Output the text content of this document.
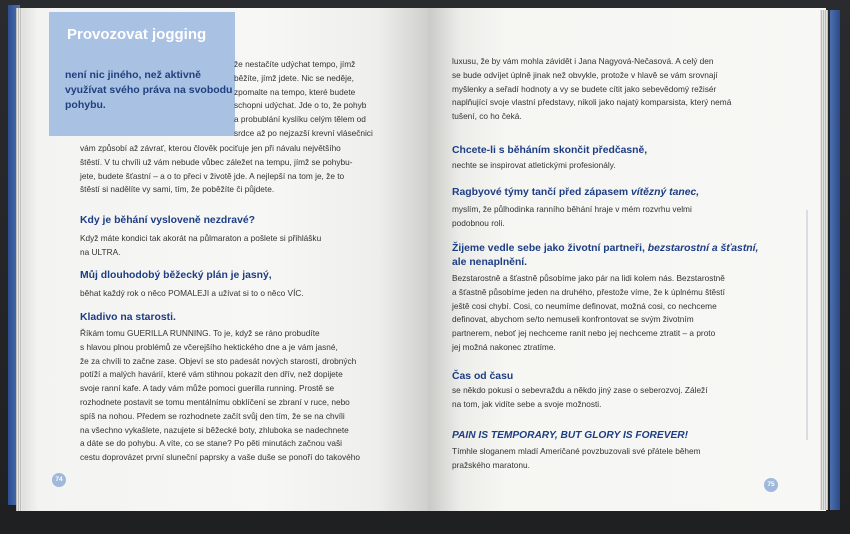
Provozovat jogging

není nic jiného, než aktivně využívat svého práva na svobodu pohybu.

že nestačíte udýchat tempo, jímž
běžíte, jímž jdete. Nic se neděje,
zpomalte na tempo, které budete
schopni udýchat. Jde o to, že pohyb
a probublání kyslíku celým tělem od
srdce až po nejzazší krevní vlásečnici

vám způsobí až závrať, kterou člověk pociťuje jen při návalu největšího
štěstí. V tu chvíli už vám nebude vůbec záležet na tempu, jímž se pohybu-
jete, budete šťastní – a o to přeci v životě jde. A nejlepší na tom je, že to
štěstí si nadělíte vy sami, tím, že poběžíte či půjdete.

Kdy je běhání vysloveně nezdravé?

Když máte kondici tak akorát na půlmaraton a pošlete si přihlášku
na ULTRA.

Můj dlouhodobý běžecký plán je jasný,

běhat každý rok o něco POMALEJI a užívat si to o něco VÍC.

Kladivo na starosti.

Říkám tomu GUERILLA RUNNING. To je, když se ráno probudíte
s hlavou plnou problémů ze včerejšího hektického dne a je vám jasné,
že za chvíli to začne zase. Objeví se sto padesát nových starostí, drobných
potíží a malých havárií, které vám stihnou pokazit den dřív, než dopijete
svoje ranní kafe. A tady vám může pomoci guerilla running. Prostě se
rozhodnete postavit se tomu mentálnímu obklíčení se zbraní v ruce, nebo
spíš na nohou. Předem se rozhodnete začít svůj den tím, že se na chvíli
na všechno vykašlete, nazujete si běžecké boty, zhluboka se nadechnete
a dáte se do pohybu. A víte, co se stane? Po pěti minutách začnou vaši
cestu doprovázet první sluneční paprsky a vaše duše se ponoří do takového

74

luxusu, že by vám mohla závidět i Jana Nagyová-Nečasová. A celý den
se bude odvíjet úplně jinak než obvykle, protože v hlavě se vám srovnají
myšlenky a seřadí hodnoty a vy se budete cítit jako sebevědomý režisér
naplňující svoje vlastní představy, nikoli jako najatý komparsista, který nemá
tušení, co ho čeká.

Chcete-li s běháním skončit předčasně,

nechte se inspirovat atletickými profesionály.

Ragbyové týmy tančí před zápasem vítězný tanec,

myslím, že půlhodinka ranního běhání hraje v mém rozvrhu velmi
podobnou roli.

Žijeme vedle sebe jako životní partneři, bezstarostní a šťastní, ale nenaplnění.

Bezstarostně a šťastně působíme jako pár na lidi kolem nás. Bezstarostně
a šťastně působíme jeden na druhého, přestože víme, že k úplnému štěstí
ještě cosi chybí. Cosi, co neumíme definovat, možná cosi, co nechceme
definovat, abychom se/to nemuseli konfrontovat se svým životním
partnerem, neboť jej nechceme ranit nebo jej nechceme ztratit – a proto
jej možná nakonec ztratíme.

Čas od času

se někdo pokusí o sebevraždu a někdo jiný zase o seberozvoj. Záleží
na tom, jak vidíte sebe a svoje možnosti.

PAIN IS TEMPORARY, BUT GLORY IS FOREVER!

Tímhle sloganem mladí Američané povzbuzovali své přátele během
pražského maratonu.

75
